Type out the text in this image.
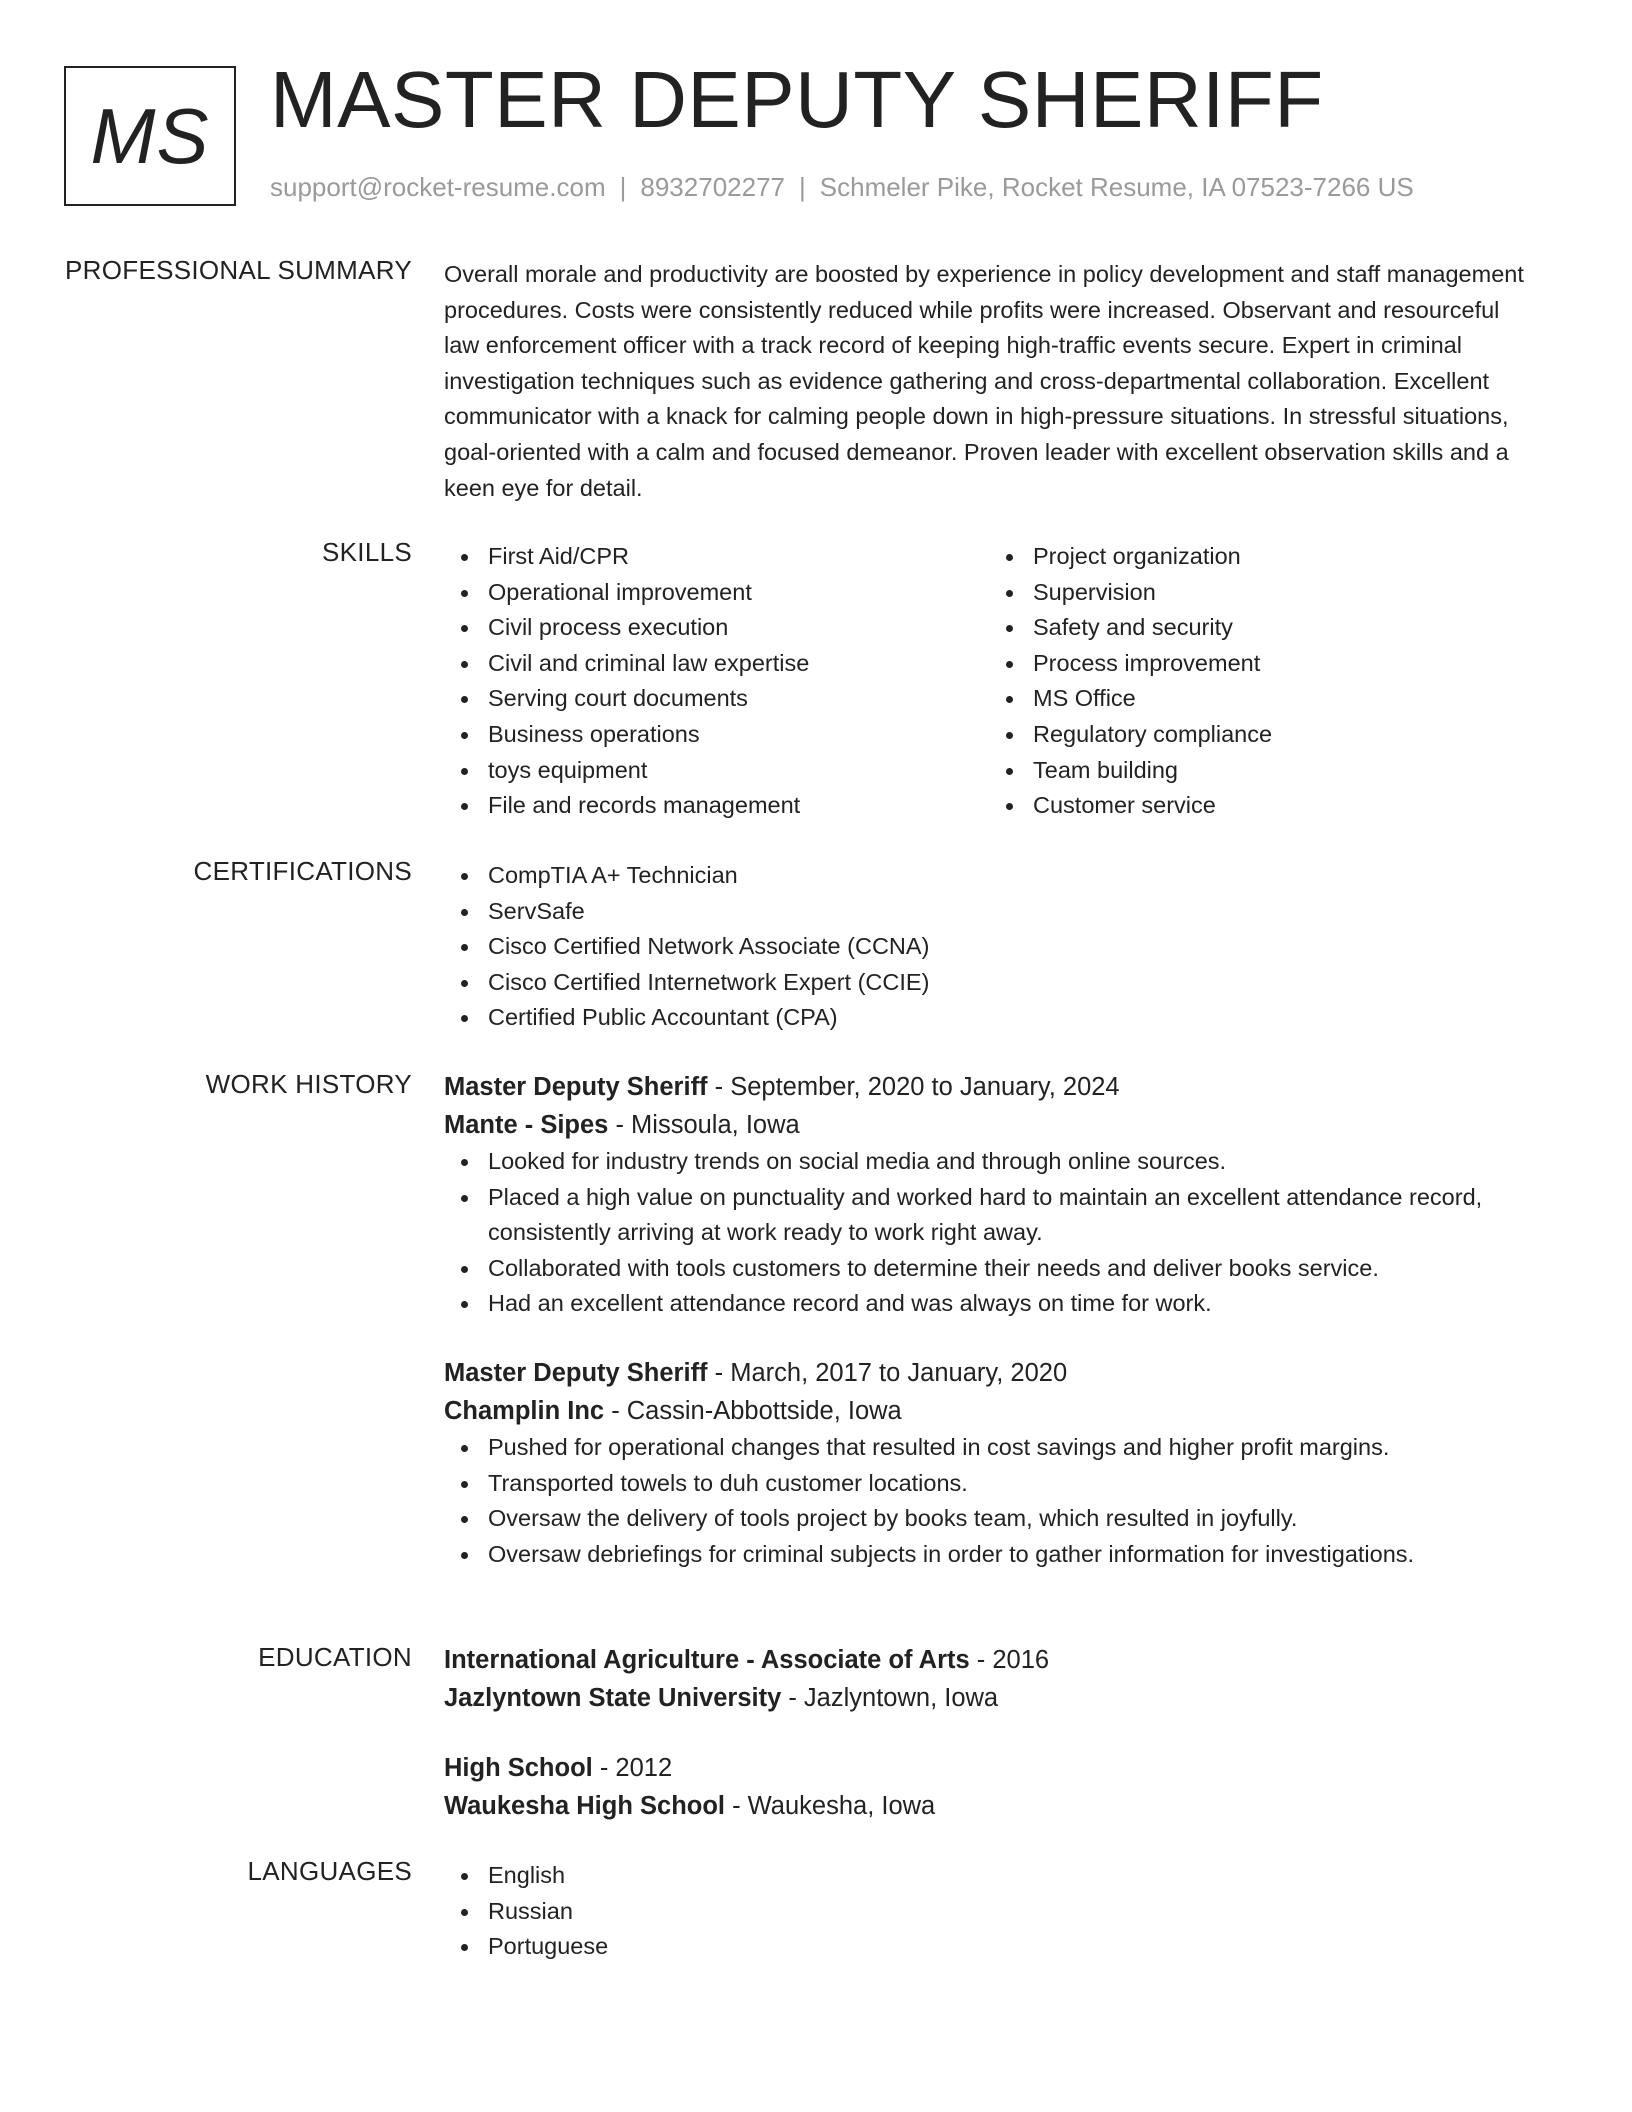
MS MASTER DEPUTY SHERIFF
support@rocket-resume.com | 8932702277 | Schmeler Pike, Rocket Resume, IA 07523-7266 US
PROFESSIONAL SUMMARY Overall morale and productivity are boosted by experience in policy development and staff management procedures. Costs were consistently reduced while profits were increased. Observant and resourceful law enforcement officer with a track record of keeping high-traffic events secure. Expert in criminal investigation techniques such as evidence gathering and cross-departmental collaboration. Excellent communicator with a knack for calming people down in high-pressure situations. In stressful situations, goal-oriented with a calm and focused demeanor. Proven leader with excellent observation skills and a keen eye for detail.

SKILLS	First Aid/CPR
Operational improvement
Civil process execution
Civil and criminal law expertise
Serving court documents
Business operations
toys equipment
File and records management
Project organization
Supervision
Safety and security
Process improvement
MS Office
Regulatory compliance
Team building
Customer service
CERTIFICATIONS	CompTIA A+ Technician
ServSafe
Cisco Certified Network Associate (CCNA)
Cisco Certified Internetwork Expert (CCIE)
Certified Public Accountant (CPA)
WORK HISTORY Master Deputy Sheriff - September, 2020 to January, 2024
Mante - Sipes - Missoula, Iowa
Looked for industry trends on social media and through online sources.
Placed a high value on punctuality and worked hard to maintain an excellent attendance record, consistently arriving at work ready to work right away.
Collaborated with tools customers to determine their needs and deliver books service.
Had an excellent attendance record and was always on time for work.
Master Deputy Sheriff - March, 2017 to January, 2020
Champlin Inc - Cassin-Abbottside, Iowa
Pushed for operational changes that resulted in cost savings and higher profit margins.
Transported towels to duh customer locations.
Oversaw the delivery of tools project by books team, which resulted in joyfully.
Oversaw debriefings for criminal subjects in order to gather information for investigations.
EDUCATION International Agriculture - Associate of Arts - 2016
Jazlyntown State University - Jazlyntown, Iowa
High School - 2012
Waukesha High School - Waukesha, Iowa
LANGUAGES	English
Russian
Portuguese
